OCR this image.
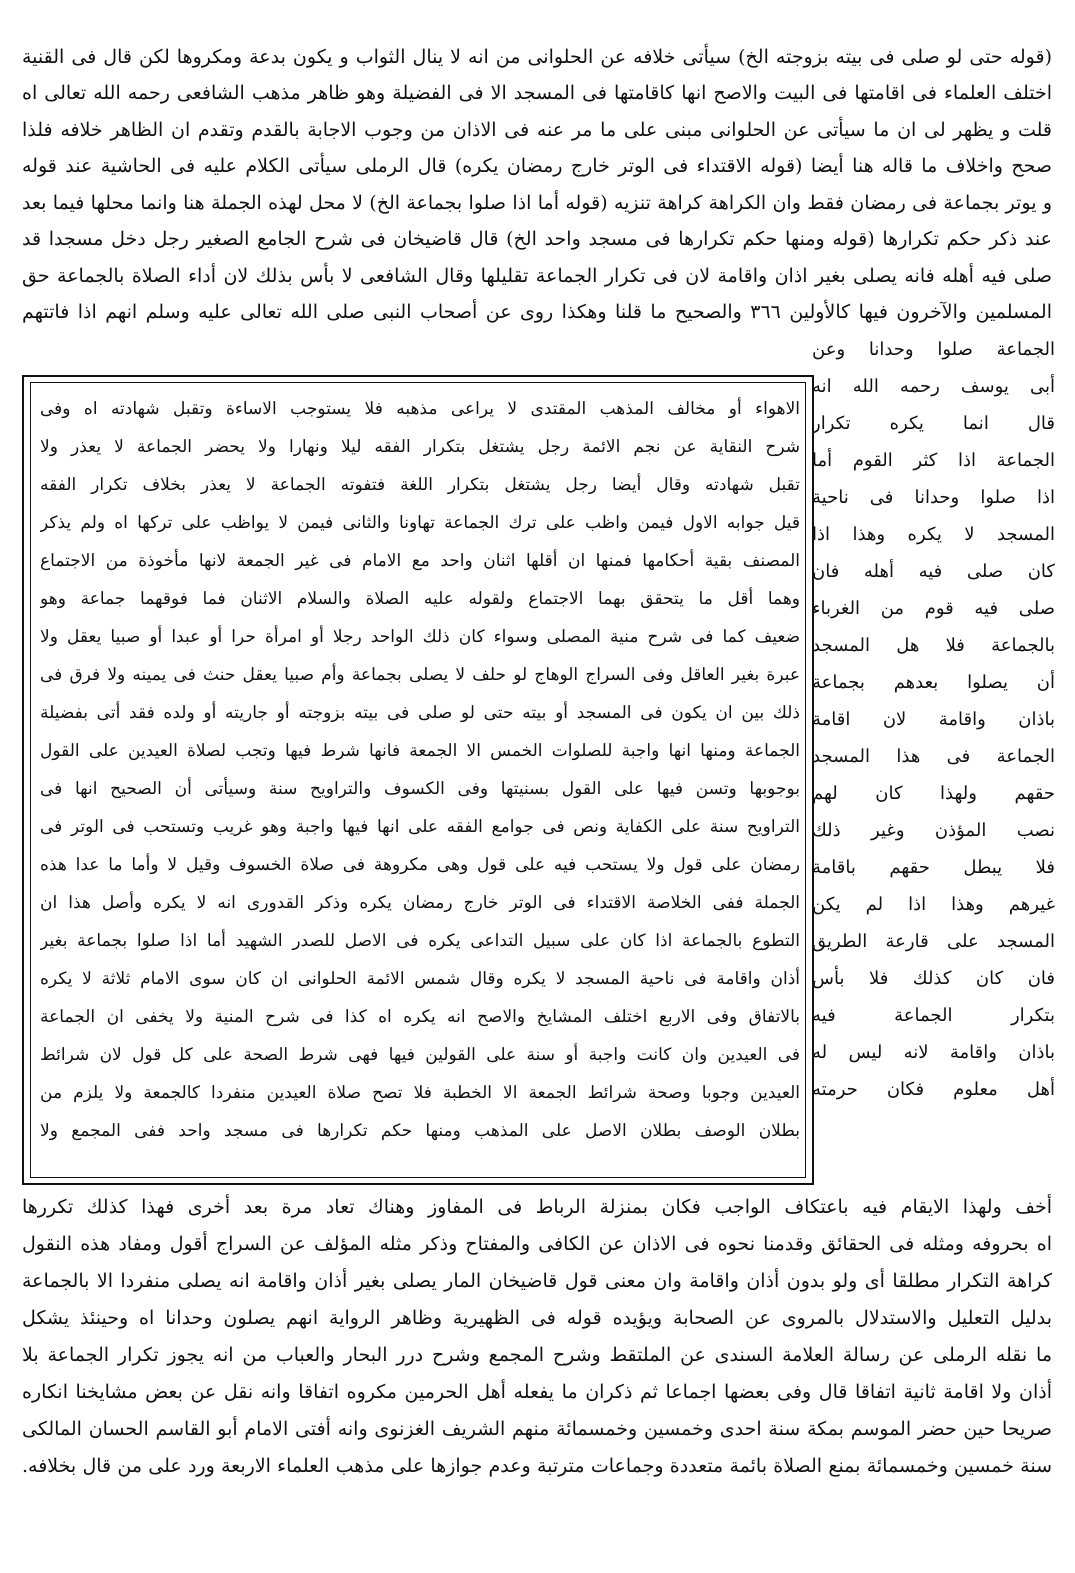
(قوله حتى لو صلى فى بيته بزوجته الخ) سيأتى خلافه عن الحلوانى من انه لا ينال الثواب و يكون بدعة ومكروها لكن قال فى القنية
اختلف العلماء فى اقامتها فى البيت والاصح انها كاقامتها فى المسجد الا فى الفضيلة وهو ظاهر مذهب الشافعى رحمه الله تعالى اه
قلت و يظهر لى ان ما سيأتى عن الحلوانى مبنى على ما مر عنه فى الاذان من وجوب الاجابة بالقدم وتقدم ان الظاهر خلافه فلذا
صحح واخلاف ما قاله هنا أيضا (قوله الاقتداء فى الوتر خارج رمضان يكره) قال الرملى سيأتى الكلام عليه فى الحاشية عند قوله
و يوتر بجماعة فى رمضان فقط وان الكراهة كراهة تنزيه (قوله أما اذا صلوا بجماعة الخ) لا محل لهذه الجملة هنا وانما محلها فيما بعد
عند ذكر حكم تكرارها (قوله ومنها حكم تكرارها فى مسجد واحد الخ) قال قاضيخان فى شرح الجامع الصغير رجل دخل مسجدا قد
صلى فيه أهله فانه يصلى بغير اذان واقامة لان فى تكرار الجماعة تقليلها وقال الشافعى لا بأس بذلك لان أداء الصلاة بالجماعة حق
المسلمين والآخرون فيها كالأولين ٣٦٦ والصحيح ما قلنا وهكذا روى عن أصحاب النبى صلى الله تعالى عليه وسلم انهم اذا فاتتهم
الجماعة صلوا وحدانا وعن
أبى يوسف رحمه الله انه
قال انما يكره تكرار
الجماعة اذا كثر القوم أما
اذا صلوا وحدانا فى ناحية
المسجد لا يكره وهذا اذا
كان صلى فيه أهله فان
صلى فيه قوم من الغرباء
بالجماعة فلا هل المسجد
أن يصلوا بعدهم بجماعة
باذان واقامة لان اقامة
الجماعة فى هذا المسجد
حقهم ولهذا كان لهم
نصب المؤذن وغير ذلك
فلا يبطل حقهم باقامة
غيرهم وهذا اذا لم يكن
المسجد على قارعة الطريق
فان كان كذلك فلا بأس
بتكرار الجماعة فيه
باذان واقامة لانه ليس له
أهل معلوم فكان حرمته
الاهواء أو مخالف المذهب المقتدى لا يراعى مذهبه فلا يستوجب الاساءة وتقبل شهادته اه وفى
شرح النقاية عن نجم الائمة رجل يشتغل بتكرار الفقه ليلا ونهارا ولا يحضر الجماعة لا يعذر ولا
تقبل شهادته وقال أيضا رجل يشتغل بتكرار اللغة فتفوته الجماعة لا يعذر بخلاف تكرار الفقه
قيل جوابه الاول فيمن واظب على ترك الجماعة تهاونا والثانى فيمن لا يواظب على تركها اه ولم يذكر
المصنف بقية أحكامها فمنها ان أقلها اثنان واحد مع الامام فى غير الجمعة لانها مأخوذة من الاجتماع
وهما أقل ما يتحقق بهما الاجتماع ولقوله عليه الصلاة والسلام الاثنان فما فوقهما جماعة وهو
ضعيف كما فى شرح منية المصلى وسواء كان ذلك الواحد رجلا أو امرأة حرا أو عبدا أو صبيا يعقل ولا
عبرة بغير العاقل وفى السراج الوهاج لو حلف لا يصلى بجماعة وأم صبيا يعقل حنث فى يمينه ولا فرق فى
ذلك بين ان يكون فى المسجد أو بيته حتى لو صلى فى بيته بزوجته أو جاريته أو ولده فقد أتى بفضيلة
الجماعة ومنها انها واجبة للصلوات الخمس الا الجمعة فانها شرط فيها وتجب لصلاة العيدين على القول
بوجوبها وتسن فيها على القول بسنيتها وفى الكسوف والتراويح سنة وسيأتى أن الصحيح انها فى
التراويح سنة على الكفاية ونص فى جوامع الفقه على انها فيها واجبة وهو غريب وتستحب فى الوتر فى
رمضان على قول ولا يستحب فيه على قول وهى مكروهة فى صلاة الخسوف وقيل لا وأما ما عدا هذه
الجملة ففى الخلاصة الاقتداء فى الوتر خارج رمضان يكره وذكر القدورى انه لا يكره وأصل هذا ان
التطوع بالجماعة اذا كان على سبيل التداعى يكره فى الاصل للصدر الشهيد أما اذا صلوا بجماعة بغير
أذان واقامة فى ناحية المسجد لا يكره وقال شمس الائمة الحلوانى ان كان سوى الامام ثلاثة لا يكره
بالاتفاق وفى الاربع اختلف المشايخ والاصح انه يكره اه كذا فى شرح المنية ولا يخفى ان الجماعة
فى العيدين وان كانت واجبة أو سنة على القولين فيها فهى شرط الصحة على كل قول لان شرائط
العيدين وجوبا وصحة شرائط الجمعة الا الخطبة فلا تصح صلاة العيدين منفردا كالجمعة ولا يلزم من
بطلان الوصف بطلان الاصل على المذهب ومنها حكم تكرارها فى مسجد واحد ففى المجمع ولا
أخف ولهذا الايقام فيه باعتكاف الواجب فكان بمنزلة الرباط فى المفاوز وهناك تعاد مرة بعد أخرى فهذا كذلك تكررها
اه بحروفه ومثله فى الحقائق وقدمنا نحوه فى الاذان عن الكافى والمفتاح وذكر مثله المؤلف عن السراج أقول ومفاد هذه النقول
كراهة التكرار مطلقا أى ولو بدون أذان واقامة وان معنى قول قاضيخان المار يصلى بغير أذان واقامة انه يصلى منفردا الا بالجماعة
بدليل التعليل والاستدلال بالمروى عن الصحابة ويؤيده قوله فى الظهيرية وظاهر الرواية انهم يصلون وحدانا اه وحينئذ يشكل
ما نقله الرملى عن رسالة العلامة السندى عن الملتقط وشرح المجمع وشرح درر البحار والعباب من انه يجوز تكرار الجماعة بلا
أذان ولا اقامة ثانية اتفاقا قال وفى بعضها اجماعا ثم ذكران ما يفعله أهل الحرمين مكروه اتفاقا وانه نقل عن بعض مشايخنا انكاره
صريحا حين حضر الموسم بمكة سنة احدى وخمسين وخمسمائة منهم الشريف الغزنوى وانه أفتى الامام أبو القاسم الحسان المالكى
سنة خمسين وخمسمائة بمنع الصلاة بائمة متعددة وجماعات مترتبة وعدم جوازها على مذهب العلماء الاربعة ورد على من قال بخلافه.
